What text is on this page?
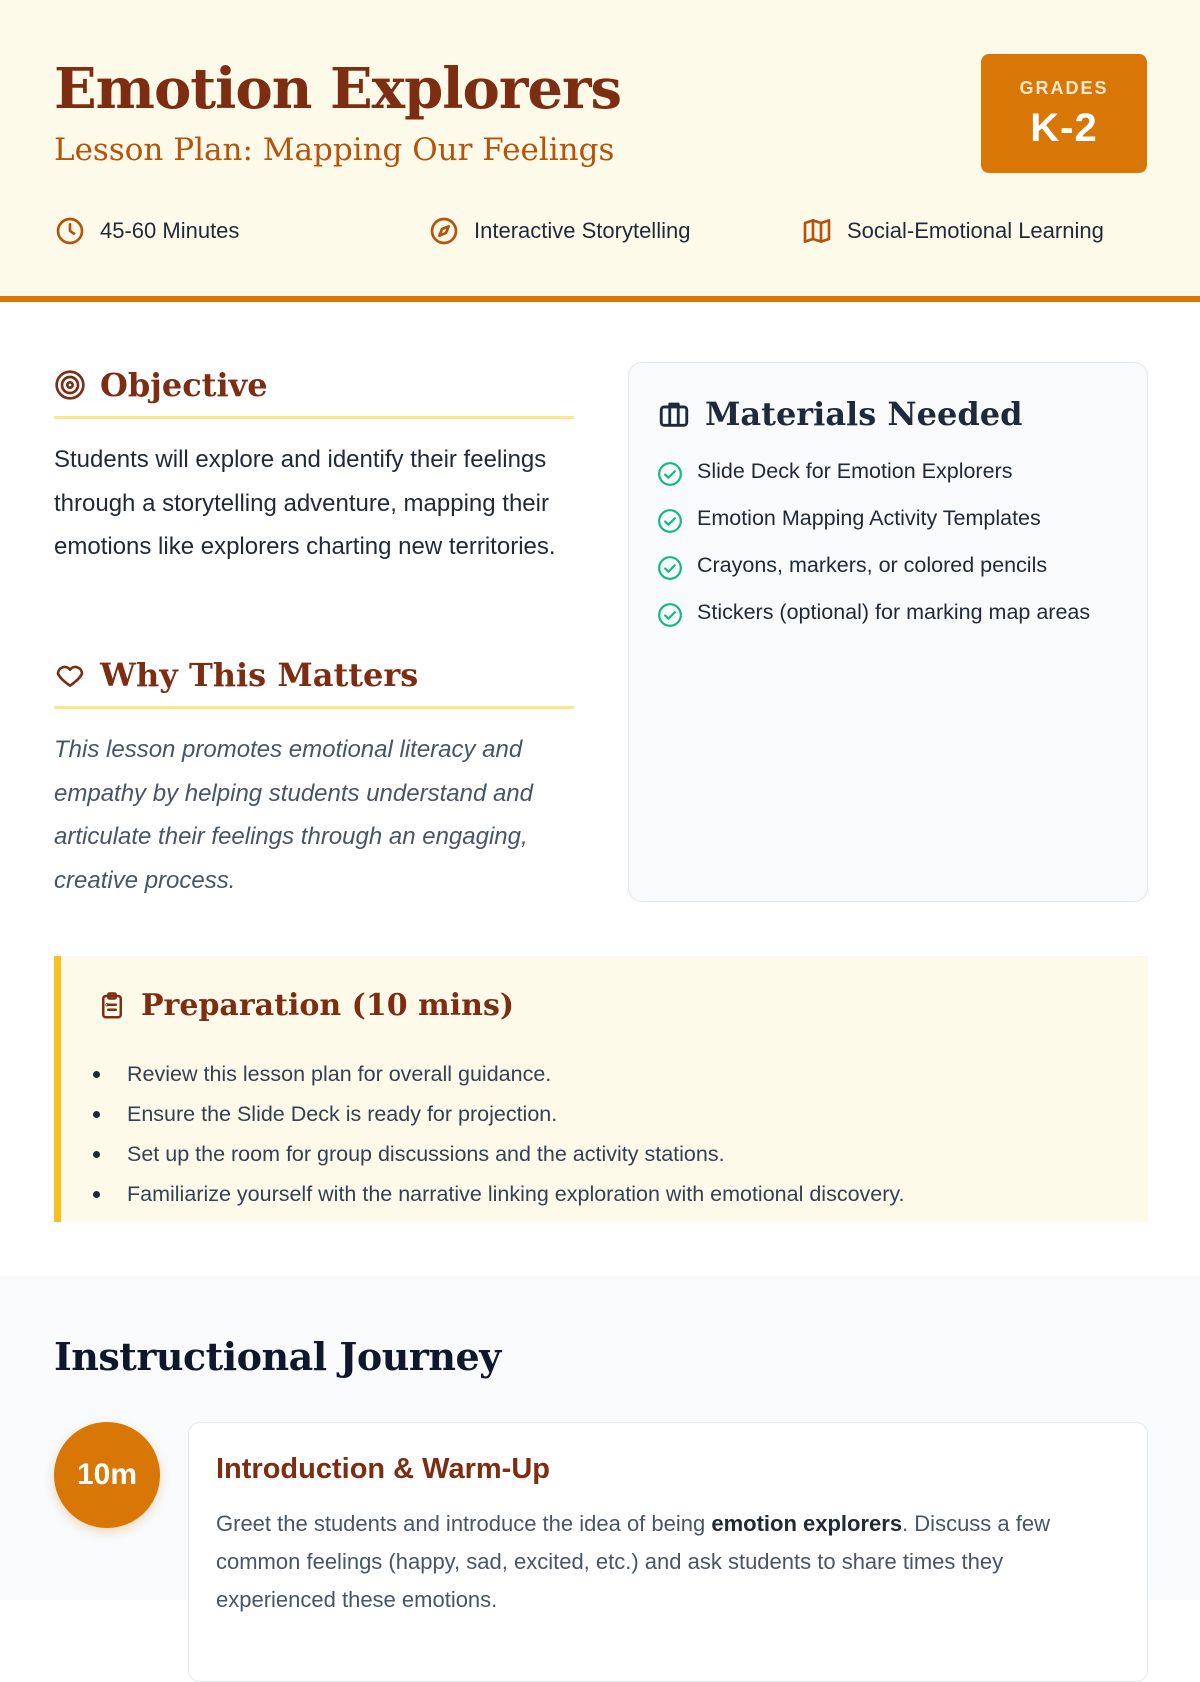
Emotion Explorers
Lesson Plan: Mapping Our Feelings
GRADES
K-2
45-60 Minutes	Interactive Storytelling	Social-Emotional Learning
Objective

Students will explore and identify their feelings through a storytelling adventure, mapping their emotions like explorers charting new territories.

Why This Matters

This lesson promotes emotional literacy and empathy by helping students understand and articulate their feelings through an engaging, creative process.

Materials Needed
Slide Deck for Emotion Explorers
Emotion Mapping Activity Templates
Crayons, markers, or colored pencils
Stickers (optional) for marking map areas
Preparation (10 mins)
Review this lesson plan for overall guidance.
Ensure the Slide Deck is ready for projection.
Set up the room for group discussions and the activity stations.
Familiarize yourself with the narrative linking exploration with emotional discovery.
Instructional Journey
10m	Introduction & Warm-Up

Greet the students and introduce the idea of being emotion explorers. Discuss a few common feelings (happy, sad, excited, etc.) and ask students to share times they experienced these emotions.
